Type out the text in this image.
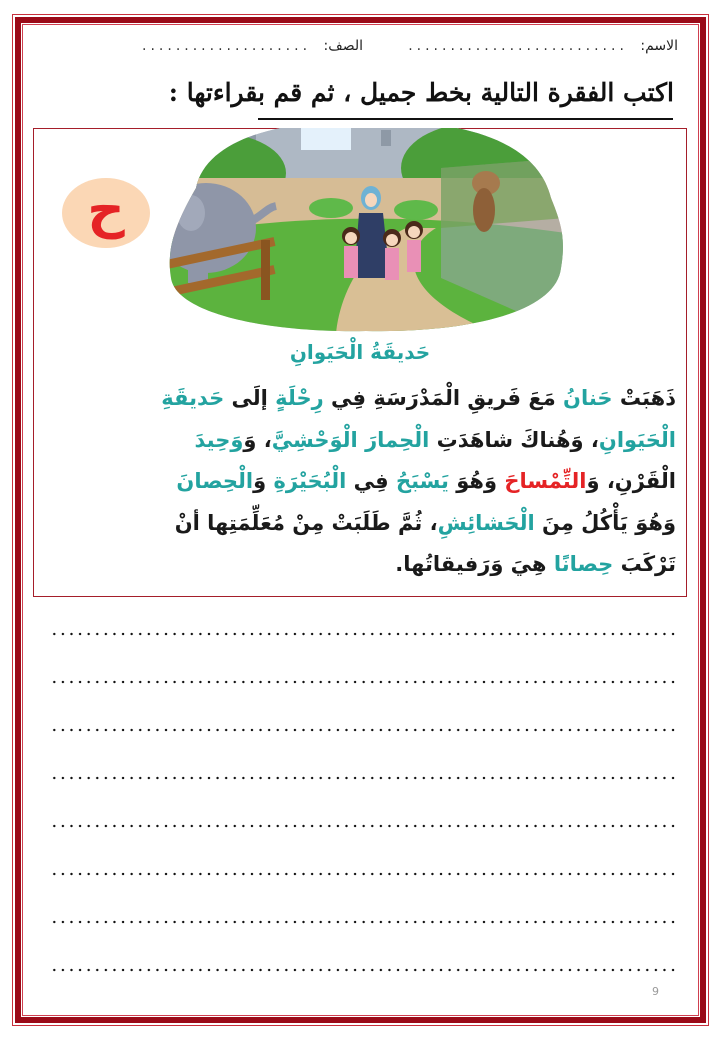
الاسم: ..........................
الصف: ....................
اكتب الفقرة التالية بخط جميل ، ثم قم بقراءتها :
ح
حَديقَةُ الْحَيَوانِ
ذَهَبَتْ حَنانُ مَعَ فَريقِ الْمَدْرَسَةِ فِي رِحْلَةٍ إلَى حَديقَةِ
الْحَيَوانِ، وَهُناكَ شاهَدَتِ الْحِمارَ الْوَحْشِيَّ، وَوَحِيدَ
الْقَرْنِ، وَالتِّمْساحَ وَهُوَ يَسْبَحُ فِي الْبُحَيْرَةِ وَالْحِصانَ
وَهُوَ يَأْكُلُ مِنَ الْحَشائِشِ، ثُمَّ طَلَبَتْ مِنْ مُعَلِّمَتِها أنْ
تَرْكَبَ حِصانًا هِيَ وَرَفيقاتُها.
9
